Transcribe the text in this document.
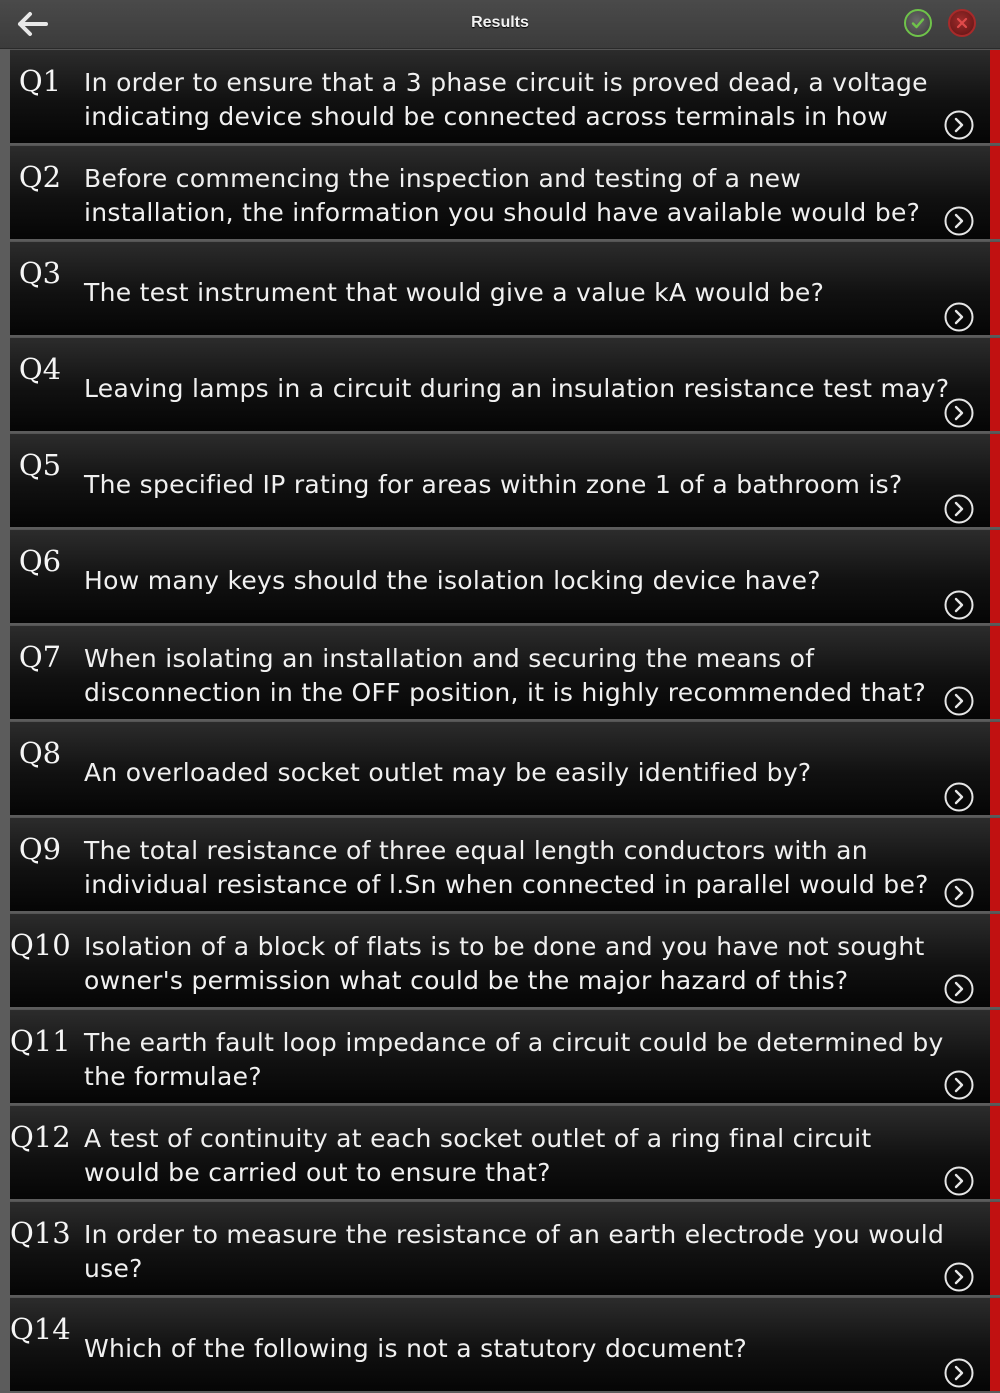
Results
Q1 In order to ensure that a 3 phase circuit is proved dead, a voltage indicating device should be connected across terminals in how
Q2 Before commencing the inspection and testing of a new installation, the information you should have available would be?
Q3
The test instrument that would give a value kA would be?
Q4
Leaving lamps in a circuit during an insulation resistance test may?
Q5
The specified IP rating for areas within zone 1 of a bathroom is?
Q6
How many keys should the isolation locking device have?
Q7 When isolating an installation and securing the means of disconnection in the OFF position, it is highly recommended that?
Q8
An overloaded socket outlet may be easily identified by?
Q9 The total resistance of three equal length conductors with an individual resistance of l.Sn when connected in parallel would be?
Q10 Isolation of a block of flats is to be done and you have not sought owner's permission what could be the major hazard of this?
Q11 The earth fault loop impedance of a circuit could be determined by the formulae?
Q12 A test of continuity at each socket outlet of a ring final circuit would be carried out to ensure that?
Q13 In order to measure the resistance of an earth electrode you would use?
Q14
Which of the following is not a statutory document?
